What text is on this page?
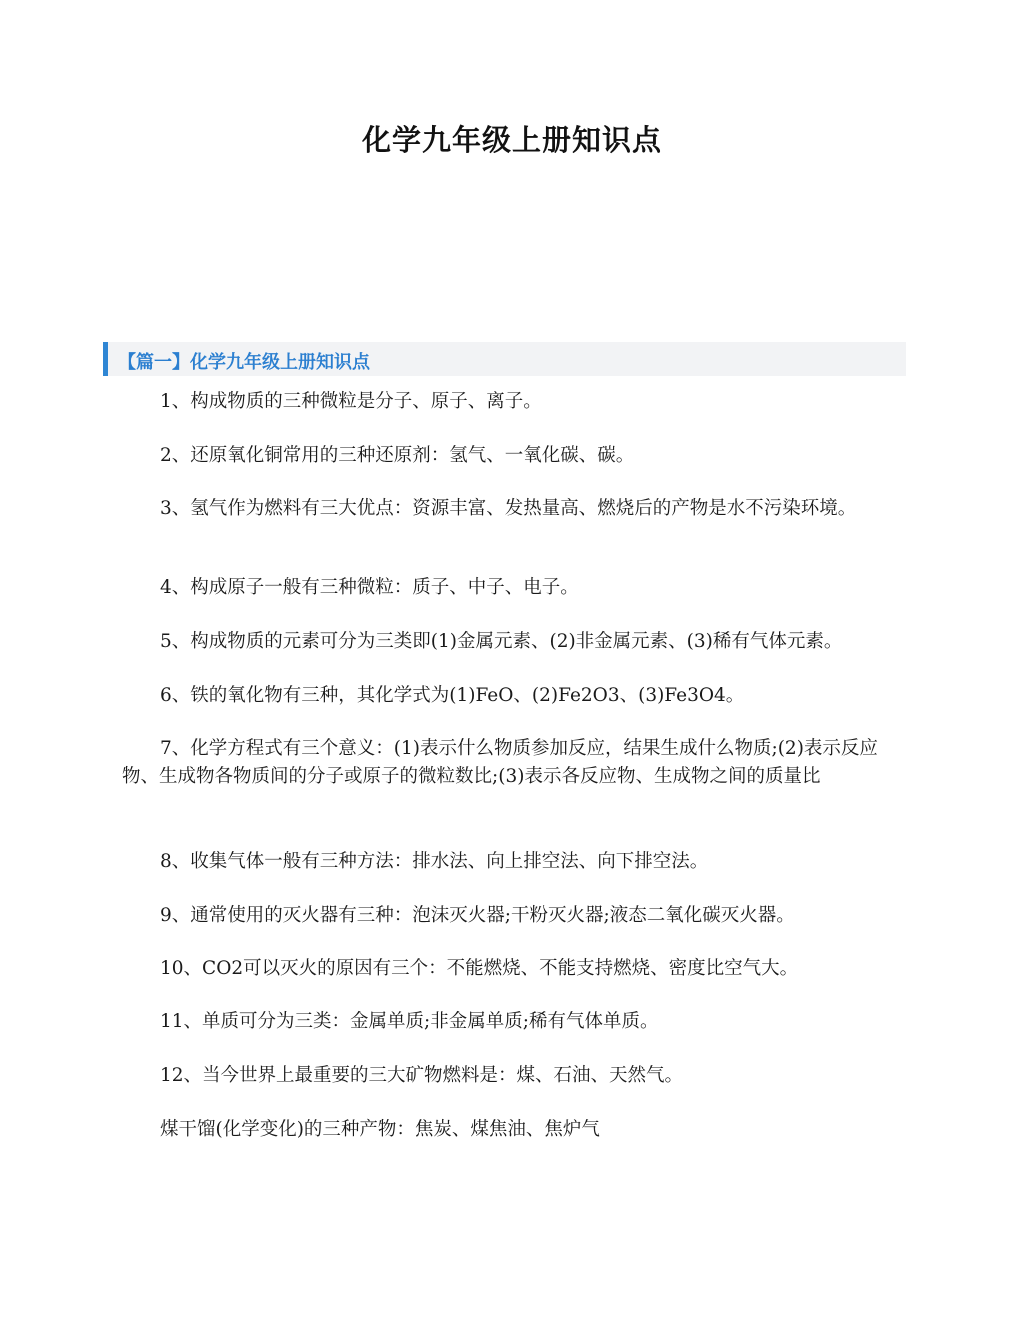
化学九年级上册知识点
【篇一】化学九年级上册知识点

1、构成物质的三种微粒是分子、原子、离子。

2、还原氧化铜常用的三种还原剂：氢气、一氧化碳、碳。

3、氢气作为燃料有三大优点：资源丰富、发热量高、燃烧后的产物是水不污染环境。

4、构成原子一般有三种微粒：质子、中子、电子。

5、构成物质的元素可分为三类即(1)金属元素、(2)非金属元素、(3)稀有气体元素。

6、铁的氧化物有三种，其化学式为(1)FeO、(2)Fe2O3、(3)Fe3O4。

7、化学方程式有三个意义：(1)表示什么物质参加反应，结果生成什么物质;(2)表示反应物、生成物各物质间的分子或原子的微粒数比;(3)表示各反应物、生成物之间的质量比

8、收集气体一般有三种方法：排水法、向上排空法、向下排空法。

9、通常使用的灭火器有三种：泡沫灭火器;干粉灭火器;液态二氧化碳灭火器。

10、CO2可以灭火的原因有三个：不能燃烧、不能支持燃烧、密度比空气大。

11、单质可分为三类：金属单质;非金属单质;稀有气体单质。

12、当今世界上最重要的三大矿物燃料是：煤、石油、天然气。

煤干馏(化学变化)的三种产物：焦炭、煤焦油、焦炉气
